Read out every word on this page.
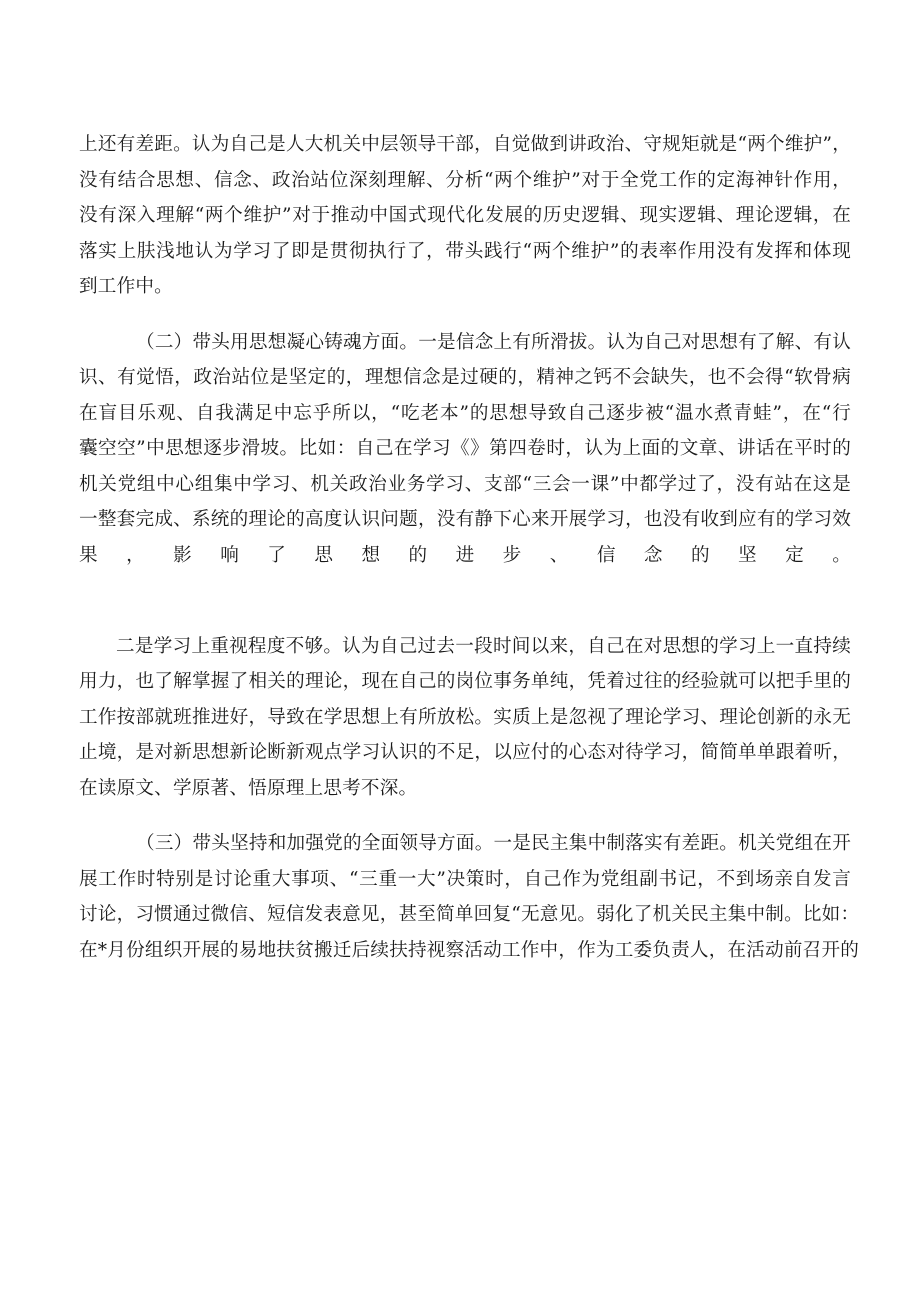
上还有差距。认为自己是人大机关中层领导干部，自觉做到讲政治、守规矩就是“两个维护”，
没有结合思想、信念、政治站位深刻理解、分析“两个维护”对于全党工作的定海神针作用，
没有深入理解“两个维护”对于推动中国式现代化发展的历史逻辑、现实逻辑、理论逻辑，在
落实上肤浅地认为学习了即是贯彻执行了，带头践行“两个维护”的表率作用没有发挥和体现
到工作中。
（二）带头用思想凝心铸魂方面。一是信念上有所滑拔。认为自己对思想有了解、有认
识、有觉悟，政治站位是坚定的，理想信念是过硬的，精神之钙不会缺失，也不会得“软骨病
在盲目乐观、自我满足中忘乎所以，“吃老本”的思想导致自己逐步被“温水煮青蛙”，在“行
囊空空”中思想逐步滑坡。比如：自己在学习《》第四卷时，认为上面的文章、讲话在平时的
机关党组中心组集中学习、机关政治业务学习、支部“三会一课”中都学过了，没有站在这是
一整套完成、系统的理论的高度认识问题，没有静下心来开展学习，也没有收到应有的学习效
果，影响了思想的进步、信念的坚定。
二是学习上重视程度不够。认为自己过去一段时间以来，自己在对思想的学习上一直持续
用力，也了解掌握了相关的理论，现在自己的岗位事务单纯，凭着过往的经验就可以把手里的
工作按部就班推进好，导致在学思想上有所放松。实质上是忽视了理论学习、理论创新的永无
止境，是对新思想新论断新观点学习认识的不足，以应付的心态对待学习，简简单单跟着听，
在读原文、学原著、悟原理上思考不深。
（三）带头坚持和加强党的全面领导方面。一是民主集中制落实有差距。机关党组在开
展工作时特别是讨论重大事项、“三重一大”决策时，自己作为党组副书记，不到场亲自发言
讨论，习惯通过微信、短信发表意见，甚至简单回复“无意见。弱化了机关民主集中制。比如：
在*月份组织开展的易地扶贫搬迁后续扶持视察活动工作中，作为工委负责人，在活动前召开的
